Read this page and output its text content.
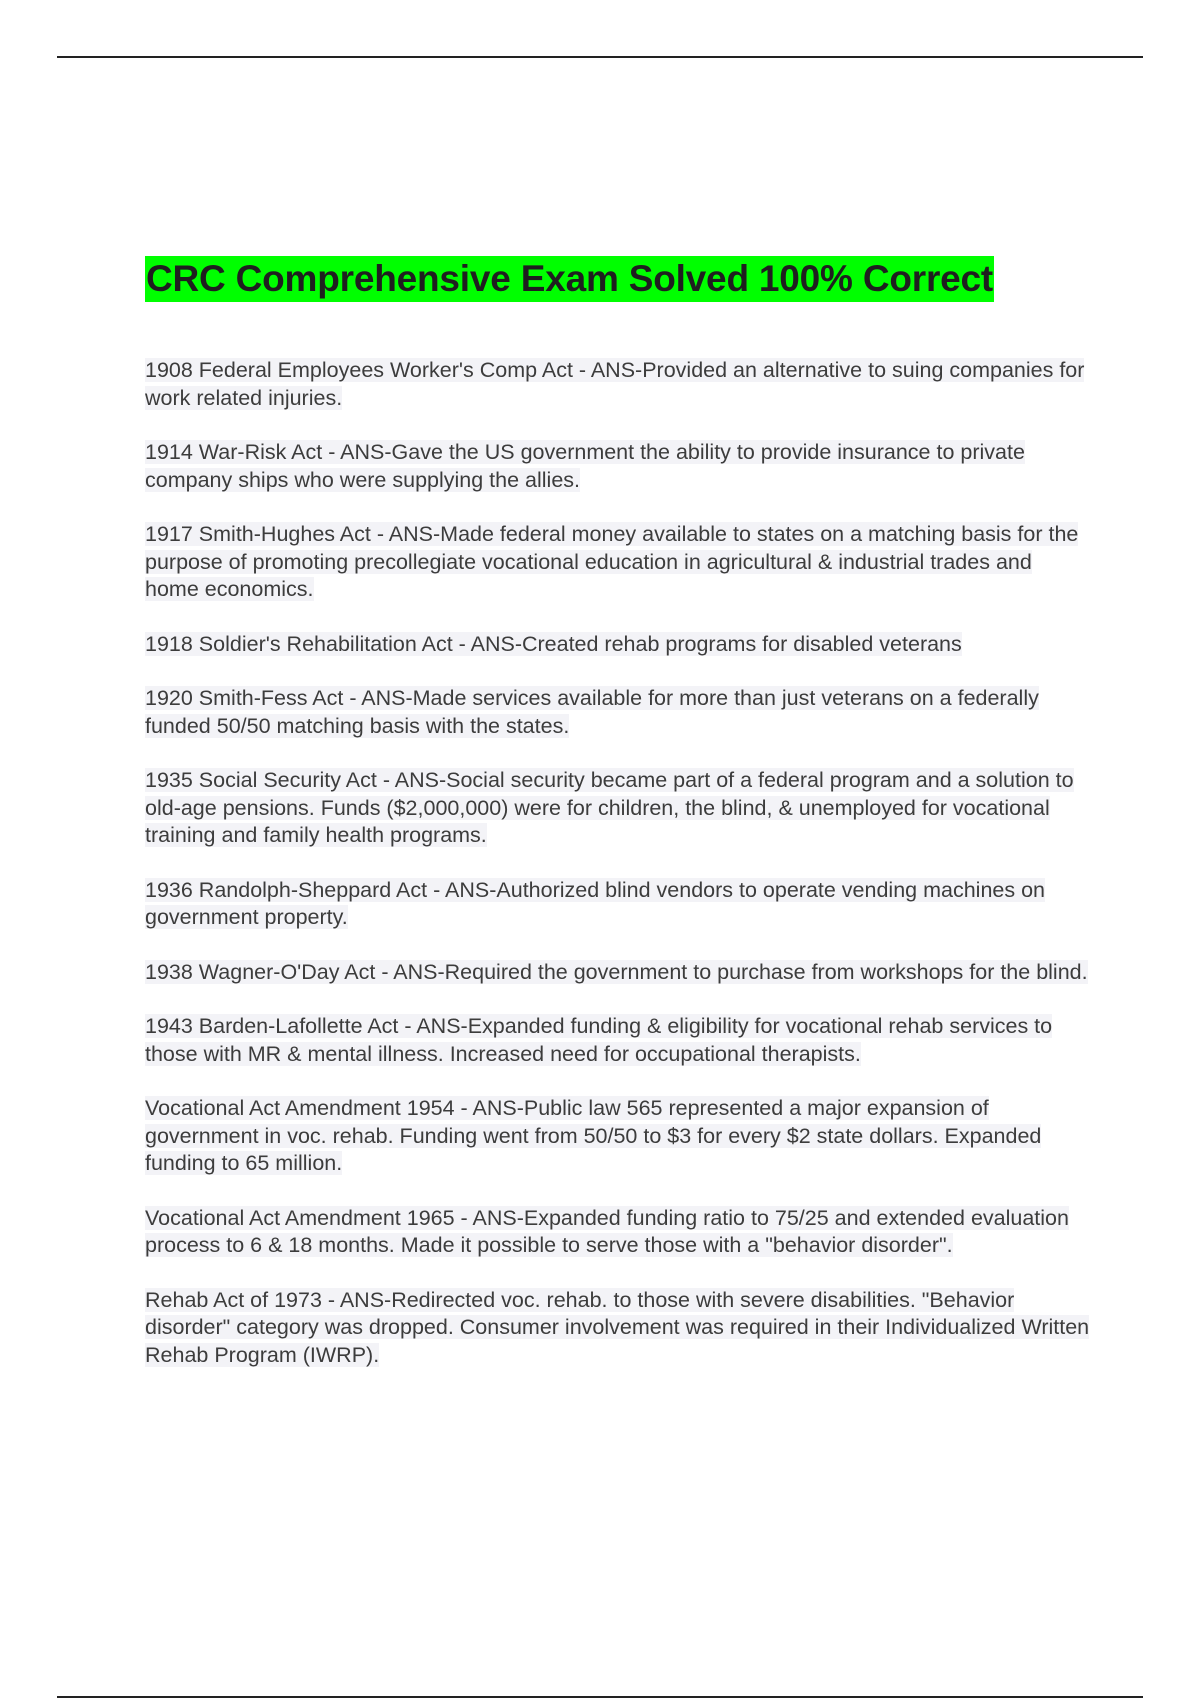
CRC Comprehensive Exam Solved 100% Correct

1908 Federal Employees Worker's Comp Act - ANS-Provided an alternative to suing companies for work related injuries.

1914 War-Risk Act - ANS-Gave the US government the ability to provide insurance to private company ships who were supplying the allies.

1917 Smith-Hughes Act - ANS-Made federal money available to states on a matching basis for the purpose of promoting precollegiate vocational education in agricultural & industrial trades and home economics.

1918 Soldier's Rehabilitation Act - ANS-Created rehab programs for disabled veterans

1920 Smith-Fess Act - ANS-Made services available for more than just veterans on a federally funded 50/50 matching basis with the states.

1935 Social Security Act - ANS-Social security became part of a federal program and a solution to old-age pensions. Funds ($2,000,000) were for children, the blind, & unemployed for vocational training and family health programs.

1936 Randolph-Sheppard Act - ANS-Authorized blind vendors to operate vending machines on government property.

1938 Wagner-O'Day Act - ANS-Required the government to purchase from workshops for the blind.

1943 Barden-Lafollette Act - ANS-Expanded funding & eligibility for vocational rehab services to those with MR & mental illness. Increased need for occupational therapists.

Vocational Act Amendment 1954 - ANS-Public law 565 represented a major expansion of government in voc. rehab. Funding went from 50/50 to $3 for every $2 state dollars. Expanded funding to 65 million.

Vocational Act Amendment 1965 - ANS-Expanded funding ratio to 75/25 and extended evaluation process to 6 & 18 months. Made it possible to serve those with a "behavior disorder".

Rehab Act of 1973 - ANS-Redirected voc. rehab. to those with severe disabilities. "Behavior disorder" category was dropped. Consumer involvement was required in their Individualized Written Rehab Program (IWRP).
